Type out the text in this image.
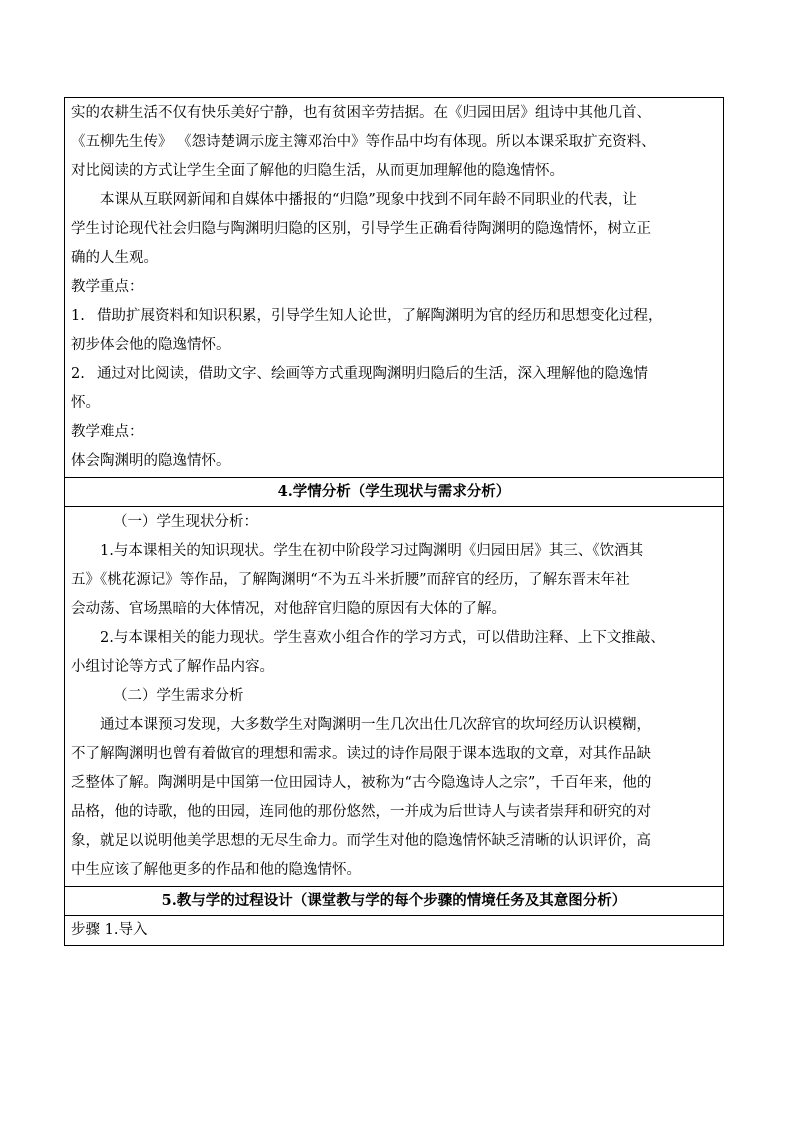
实的农耕生活不仅有快乐美好宁静，也有贫困辛劳拮据。在《归园田居》组诗中其他几首、
《五柳先生传》 《怨诗楚调示庞主簿邓治中》等作品中均有体现。所以本课采取扩充资料、
对比阅读的方式让学生全面了解他的归隐生活，从而更加理解他的隐逸情怀。
本课从互联网新闻和自媒体中播报的“归隐”现象中找到不同年龄不同职业的代表，让
学生讨论现代社会归隐与陶渊明归隐的区别，引导学生正确看待陶渊明的隐逸情怀，树立正
确的人生观。
教学重点：
1. 借助扩展资料和知识积累，引导学生知人论世，了解陶渊明为官的经历和思想变化过程，
初步体会他的隐逸情怀。
2. 通过对比阅读，借助文字、绘画等方式重现陶渊明归隐后的生活，深入理解他的隐逸情
怀。
教学难点：
体会陶渊明的隐逸情怀。

4.学情分析（学生现状与需求分析）

（一）学生现状分析：
1.与本课相关的知识现状。学生在初中阶段学习过陶渊明《归园田居》其三、《饮酒其
五》《桃花源记》等作品，了解陶渊明“不为五斗米折腰”而辞官的经历，了解东晋末年社
会动荡、官场黑暗的大体情况，对他辞官归隐的原因有大体的了解。
2.与本课相关的能力现状。学生喜欢小组合作的学习方式，可以借助注释、上下文推敲、
小组讨论等方式了解作品内容。
（二）学生需求分析
通过本课预习发现，大多数学生对陶渊明一生几次出仕几次辞官的坎坷经历认识模糊，
不了解陶渊明也曾有着做官的理想和需求。读过的诗作局限于课本选取的文章，对其作品缺
乏整体了解。陶渊明是中国第一位田园诗人，被称为“古今隐逸诗人之宗”，千百年来，他的
品格，他的诗歌，他的田园，连同他的那份悠然，一并成为后世诗人与读者崇拜和研究的对
象，就足以说明他美学思想的无尽生命力。而学生对他的隐逸情怀缺乏清晰的认识评价，高
中生应该了解他更多的作品和他的隐逸情怀。

5.教与学的过程设计（课堂教与学的每个步骤的情境任务及其意图分析）

步骤 1.导入
